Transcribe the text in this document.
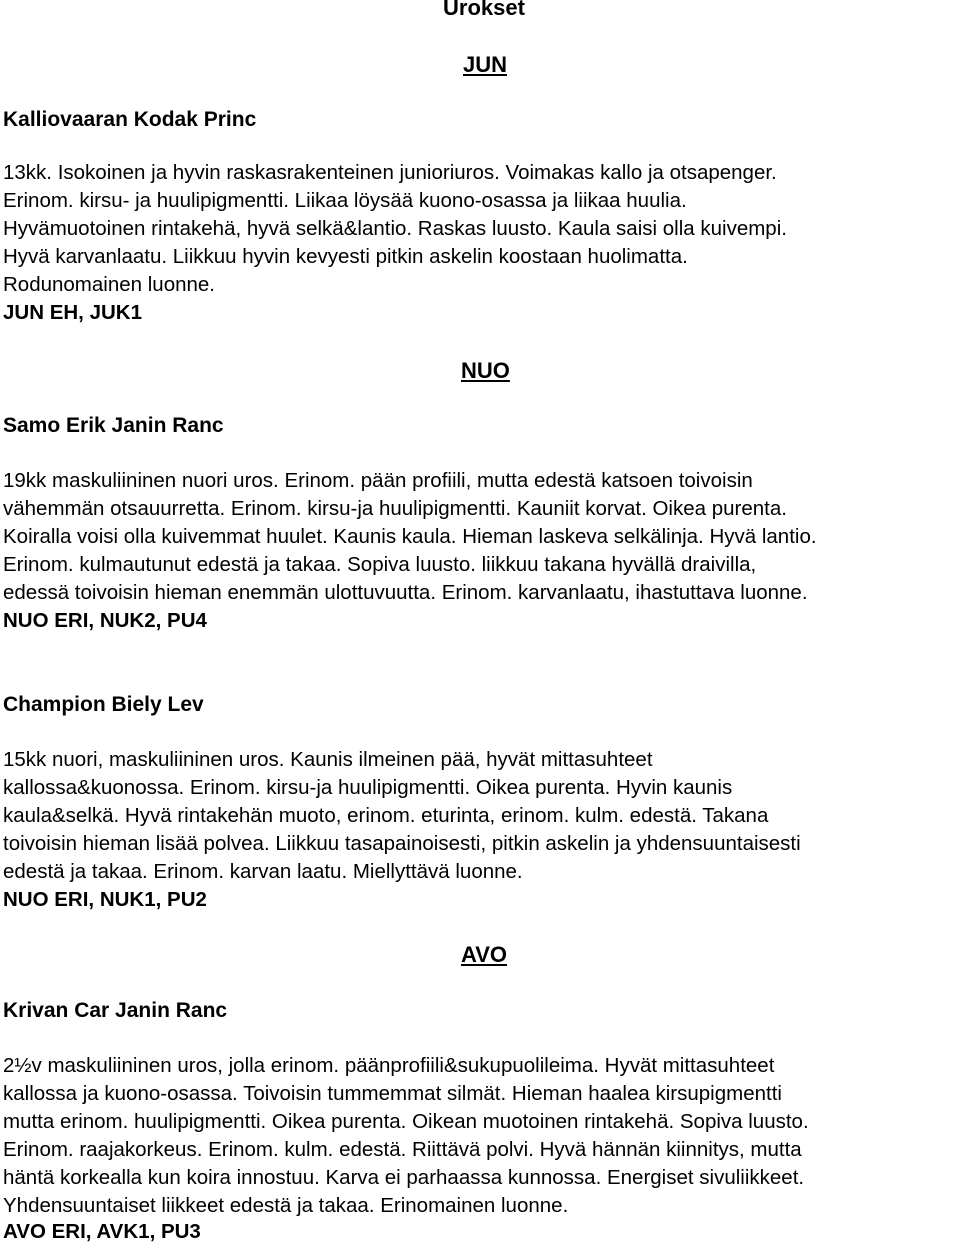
Urokset
JUN
Kalliovaaran Kodak Princ
13kk. Isokoinen ja hyvin raskasrakenteinen junioriuros. Voimakas kallo ja otsapenger.
Erinom. kirsu- ja huulipigmentti. Liikaa löysää kuono-osassa ja liikaa huulia.
Hyvämuotoinen rintakehä, hyvä selkä&lantio. Raskas luusto. Kaula saisi olla kuivempi.
Hyvä karvanlaatu. Liikkuu hyvin kevyesti pitkin askelin koostaan huolimatta.
Rodunomainen luonne.
JUN EH, JUK1
NUO
Samo Erik Janin Ranc
19kk maskuliininen nuori uros. Erinom. pään profiili, mutta edestä katsoen toivoisin
vähemmän otsauurretta. Erinom. kirsu-ja huulipigmentti. Kauniit korvat. Oikea purenta.
Koiralla voisi olla kuivemmat huulet. Kaunis kaula. Hieman laskeva selkälinja. Hyvä lantio.
Erinom. kulmautunut edestä ja takaa. Sopiva luusto. liikkuu takana hyvällä draivilla,
edessä toivoisin hieman enemmän ulottuvuutta. Erinom. karvanlaatu, ihastuttava luonne.
NUO ERI, NUK2, PU4
Champion Biely Lev
15kk nuori, maskuliininen uros. Kaunis ilmeinen pää, hyvät mittasuhteet
kallossa&kuonossa. Erinom. kirsu-ja huulipigmentti. Oikea purenta. Hyvin kaunis
kaula&selkä. Hyvä rintakehän muoto, erinom. eturinta, erinom. kulm. edestä. Takana
toivoisin hieman lisää polvea. Liikkuu tasapainoisesti, pitkin askelin ja yhdensuuntaisesti
edestä ja takaa. Erinom. karvan laatu. Miellyttävä luonne.
NUO ERI, NUK1, PU2
AVO
Krivan Car Janin Ranc
2½v maskuliininen uros, jolla erinom. päänprofiili&sukupuolileima. Hyvät mittasuhteet
kallossa ja kuono-osassa. Toivoisin tummemmat silmät. Hieman haalea kirsupigmentti
mutta erinom. huulipigmentti. Oikea purenta. Oikean muotoinen rintakehä. Sopiva luusto.
Erinom. raajakorkeus. Erinom. kulm. edestä. Riittävä polvi. Hyvä hännän kiinnitys, mutta
häntä korkealla kun koira innostuu. Karva ei parhaassa kunnossa. Energiset sivuliikkeet.
Yhdensuuntaiset liikkeet edestä ja takaa. Erinomainen luonne.
AVO ERI, AVK1, PU3
